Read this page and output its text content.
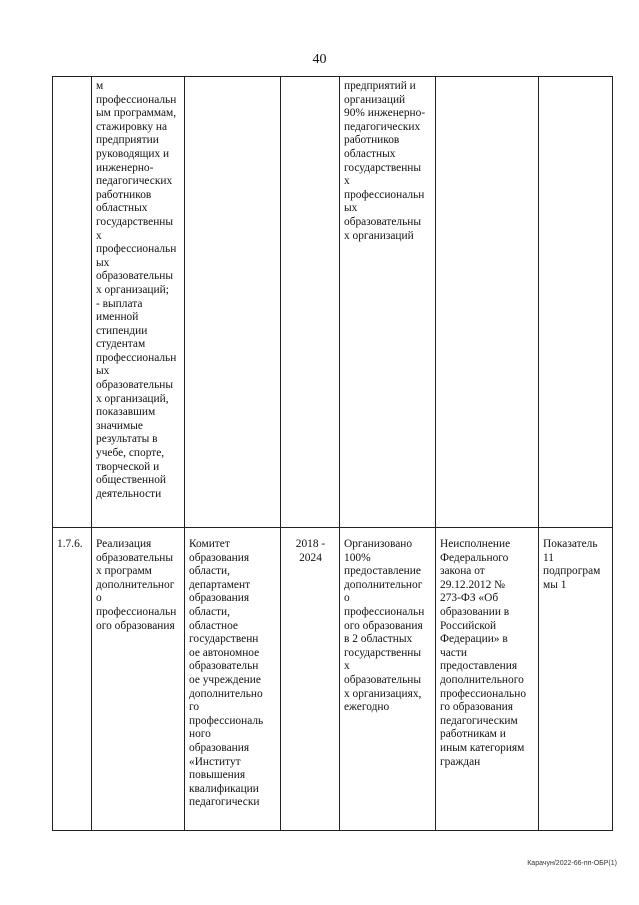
40
м
профессиональн
ым программам,
стажировку на
предприятии
руководящих и
инженерно-
педагогических
работников
областных
государственны
х
профессиональн
ых
образовательны
х организаций;
- выплата
именной
стипендии
студентам
профессиональн
ых
образовательны
х организаций,
показавшим
значимые
результаты в
учебе, спорте,
творческой и
общественной
деятельности
предприятий и
организаций
90% инженерно-
педагогических
работников
областных
государственны
х
профессиональн
ых
образовательны
х организаций
1.7.6.	Реализация
образовательны
х программ
дополнительног
о
профессиональн
ого образования
Комитет
образования
области,
департамент
образования
области,
областное
государственн
ое автономное
образовательн
ое учреждение
дополнительно
го
профессиональ
ного
образования
«Институт
повышения
квалификации
педагогически
2018 -
2024
Организовано
100%
предоставление
дополнительног
о
профессиональн
ого образования
в 2 областных
государственны
х
образовательны
х организациях,
ежегодно
Неисполнение
Федерального
закона от
29.12.2012 №
273-ФЗ «Об
образовании в
Российской
Федерации» в
части
предоставления
дополнительного
профессионально
го образования
педагогическим
работникам и
иным категориям
граждан
Показатель
11
подпрограм
мы 1
Карачун/2022-66-пп-ОБР(1)
